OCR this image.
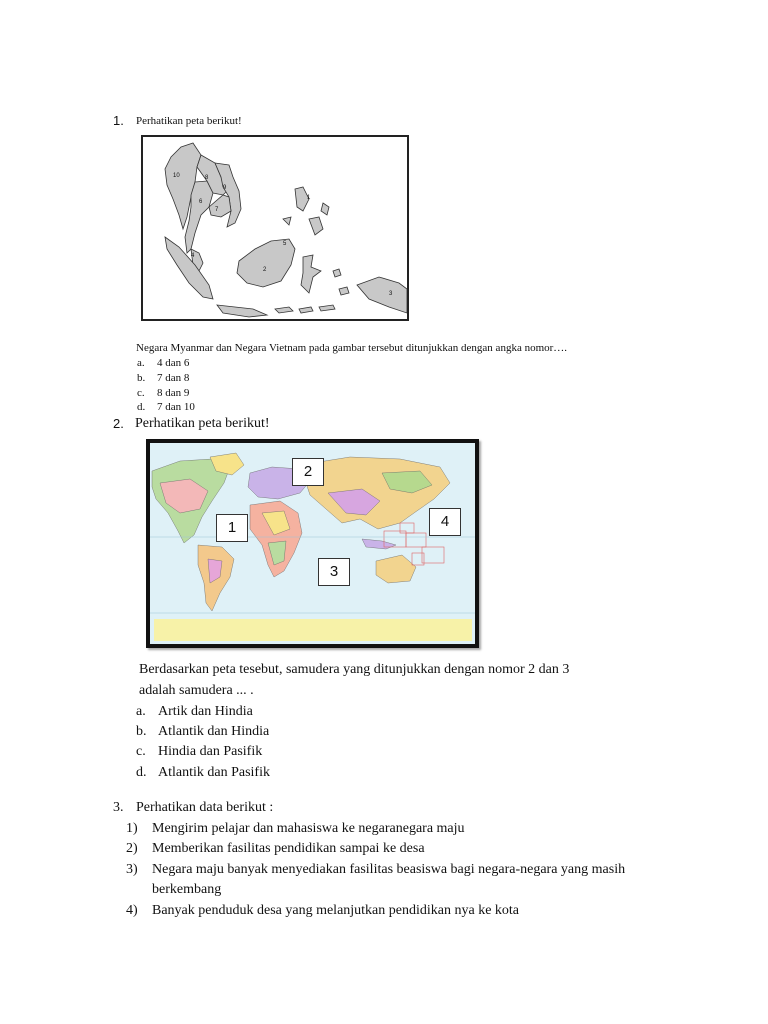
1. Perhatikan peta berikut!
10	8
9
6
7
4
5
1
2
3
Negara Myanmar dan Negara Vietnam pada gambar tersebut ditunjukkan dengan angka nomor….
a. 4 dan 6
b. 7 dan 8
c. 8 dan 9
d. 7 dan 10
2. Perhatikan peta berikut!
2
1	4
3
Berdasarkan peta tesebut, samudera yang ditunjukkan dengan nomor 2 dan 3
adalah samudera ... .
a. Artik dan Hindia
b. Atlantik dan Hindia
c. Hindia dan Pasifik
d. Atlantik dan Pasifik
3. Perhatikan data berikut :
1) Mengirim pelajar dan mahasiswa ke negaranegara maju
2) Memberikan fasilitas pendidikan sampai ke desa
3) Negara maju banyak menyediakan fasilitas beasiswa bagi negara-negara yang masih
berkembang
4) Banyak penduduk desa yang melanjutkan pendidikan nya ke kota
